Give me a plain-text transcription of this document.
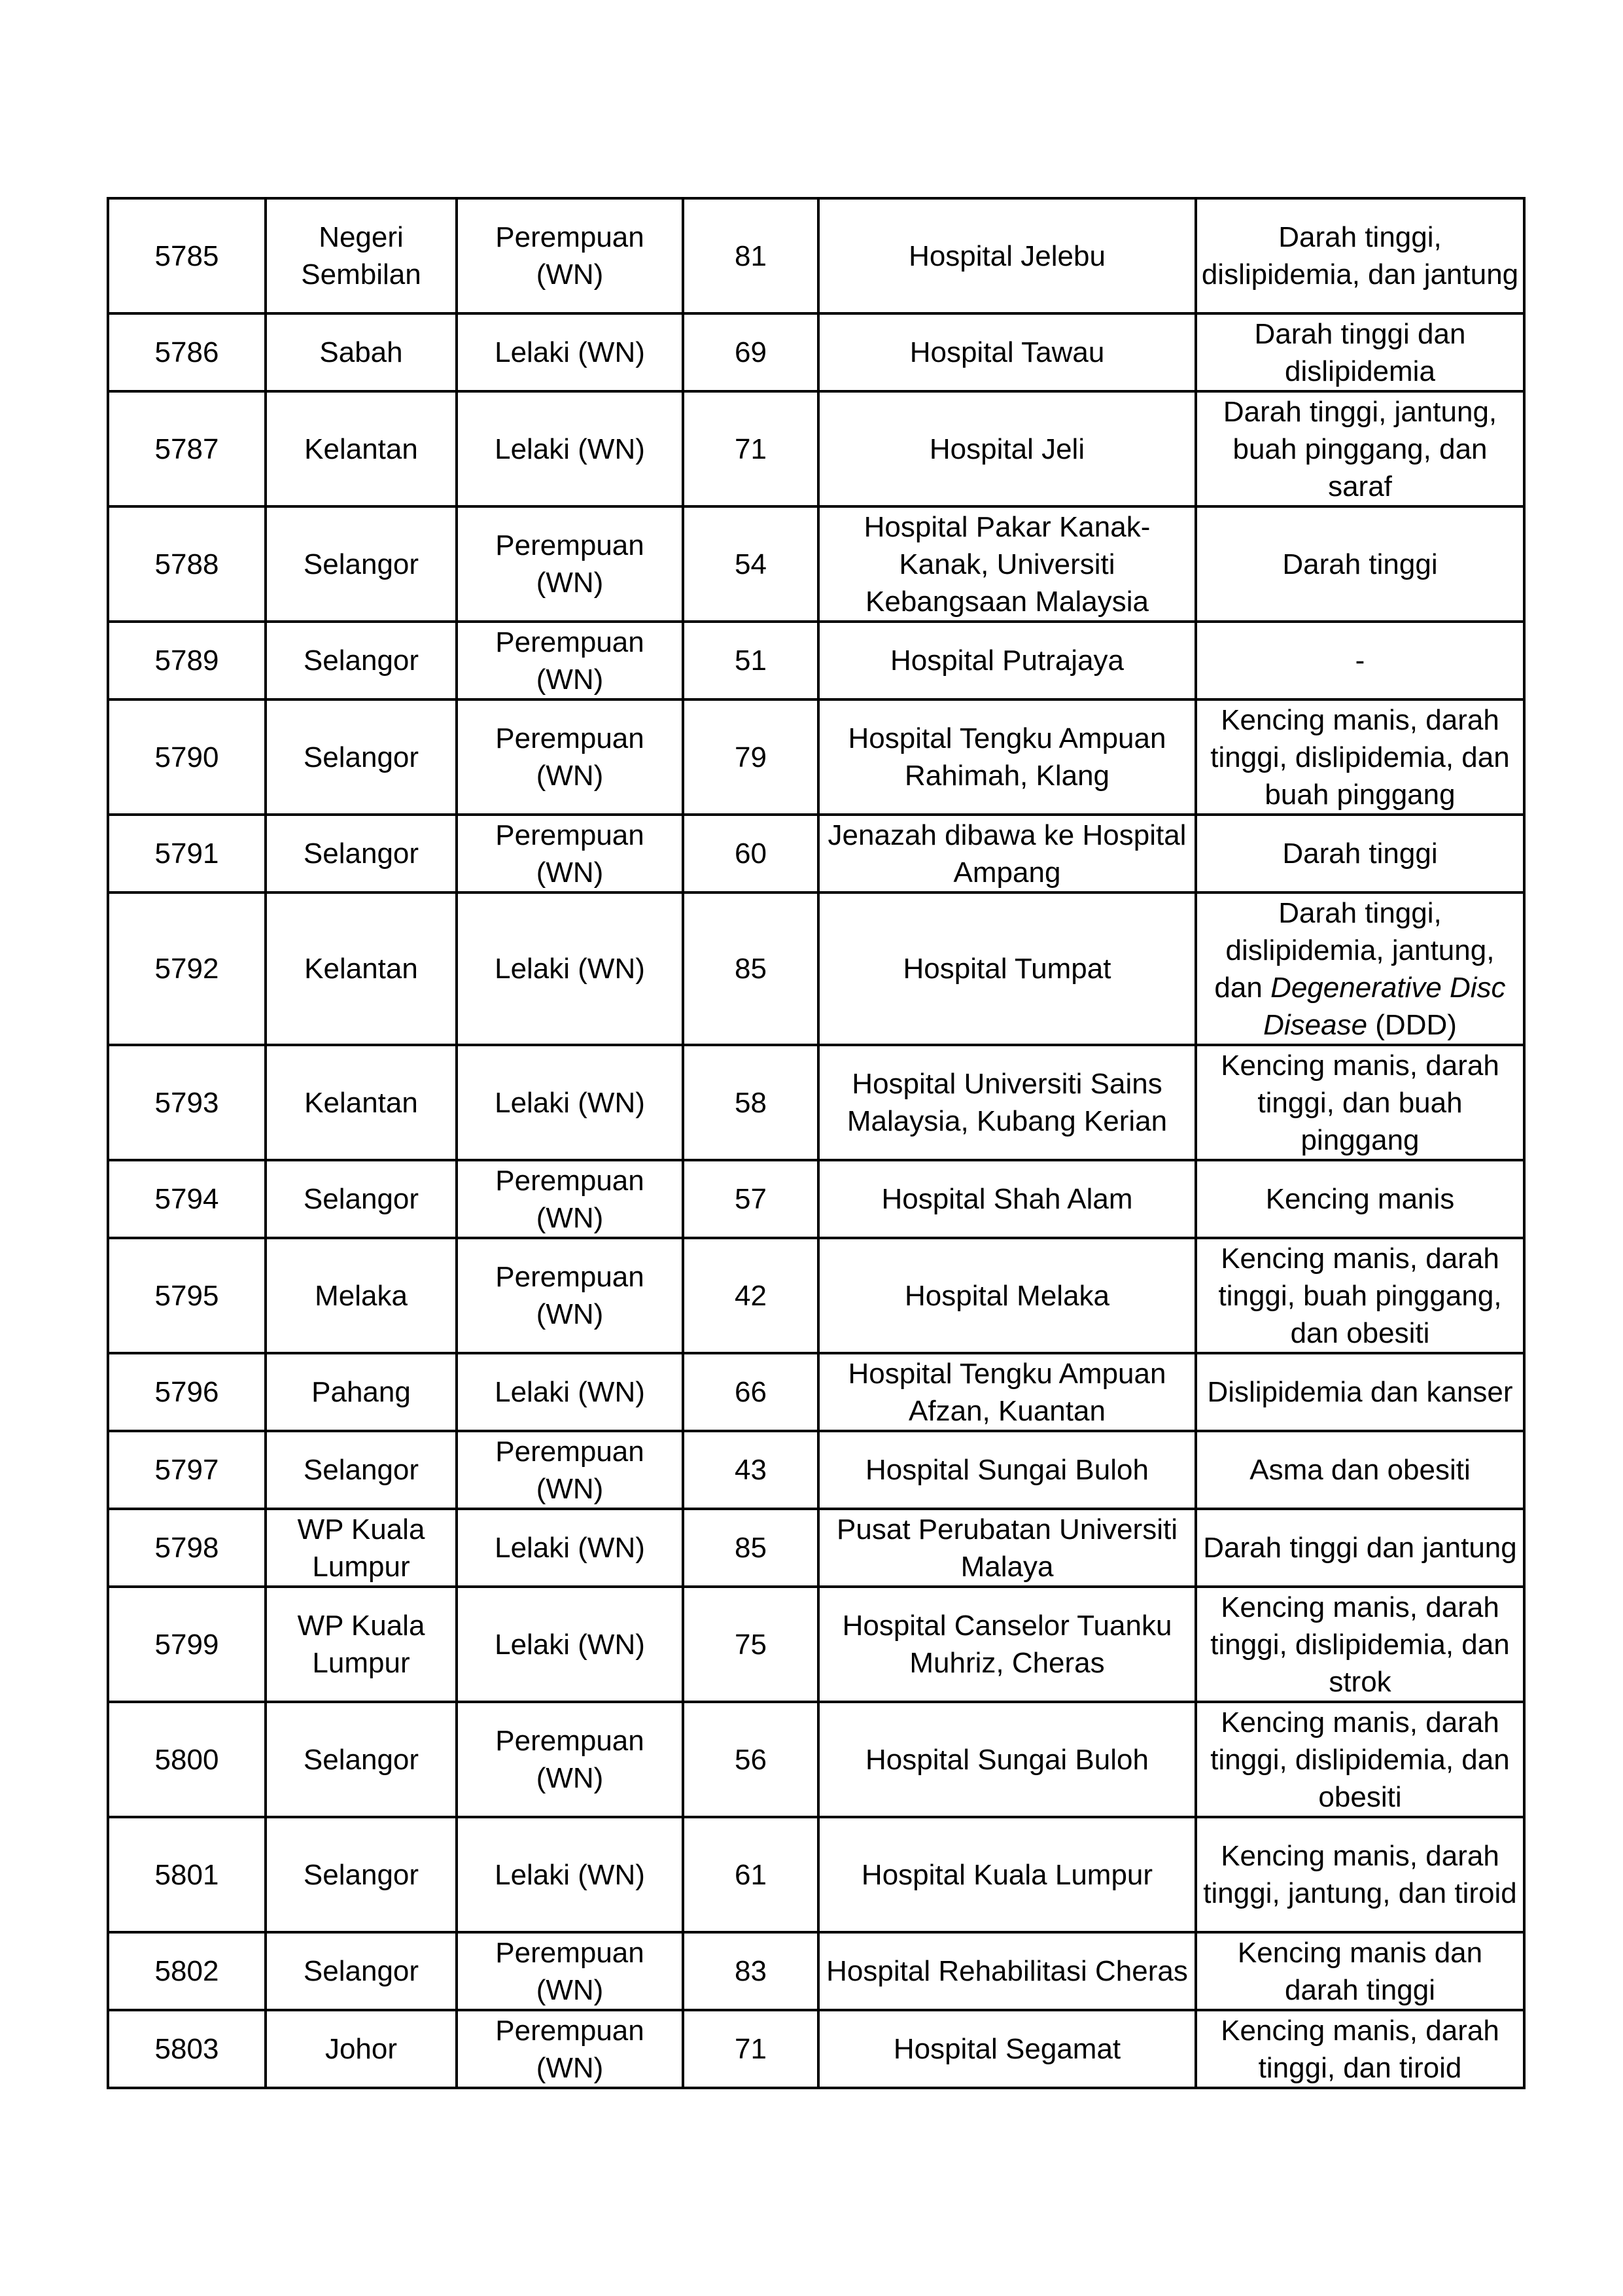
5785	Negeri Sembilan	Perempuan (WN)	81	Hospital Jelebu	Darah tinggi, dislipidemia, dan jantung
5786	Sabah	Lelaki (WN)	69	Hospital Tawau	Darah tinggi dan dislipidemia
5787	Kelantan	Lelaki (WN)	71	Hospital Jeli	Darah tinggi, jantung, buah pinggang, dan saraf
5788	Selangor	Perempuan (WN)	54	Hospital Pakar Kanak-Kanak, Universiti Kebangsaan Malaysia	Darah tinggi
5789	Selangor	Perempuan (WN)	51	Hospital Putrajaya	-
5790	Selangor	Perempuan (WN)	79	Hospital Tengku Ampuan Rahimah, Klang	Kencing manis, darah tinggi, dislipidemia, dan buah pinggang
5791	Selangor	Perempuan (WN)	60	Jenazah dibawa ke Hospital Ampang	Darah tinggi
5792	Kelantan	Lelaki (WN)	85	Hospital Tumpat	Darah tinggi, dislipidemia, jantung, dan Degenerative Disc Disease (DDD)
5793	Kelantan	Lelaki (WN)	58	Hospital Universiti Sains Malaysia, Kubang Kerian	Kencing manis, darah tinggi, dan buah pinggang
5794	Selangor	Perempuan (WN)	57	Hospital Shah Alam	Kencing manis
5795	Melaka	Perempuan (WN)	42	Hospital Melaka	Kencing manis, darah tinggi, buah pinggang, dan obesiti
5796	Pahang	Lelaki (WN)	66	Hospital Tengku Ampuan Afzan, Kuantan	Dislipidemia dan kanser
5797	Selangor	Perempuan (WN)	43	Hospital Sungai Buloh	Asma dan obesiti
5798	WP Kuala Lumpur	Lelaki (WN)	85	Pusat Perubatan Universiti Malaya	Darah tinggi dan jantung
5799	WP Kuala Lumpur	Lelaki (WN)	75	Hospital Canselor Tuanku Muhriz, Cheras	Kencing manis, darah tinggi, dislipidemia, dan strok
5800	Selangor	Perempuan (WN)	56	Hospital Sungai Buloh	Kencing manis, darah tinggi, dislipidemia, dan obesiti
5801	Selangor	Lelaki (WN)	61	Hospital Kuala Lumpur	Kencing manis, darah tinggi, jantung, dan tiroid
5802	Selangor	Perempuan (WN)	83	Hospital Rehabilitasi Cheras	Kencing manis dan darah tinggi
5803	Johor	Perempuan (WN)	71	Hospital Segamat	Kencing manis, darah tinggi, dan tiroid
